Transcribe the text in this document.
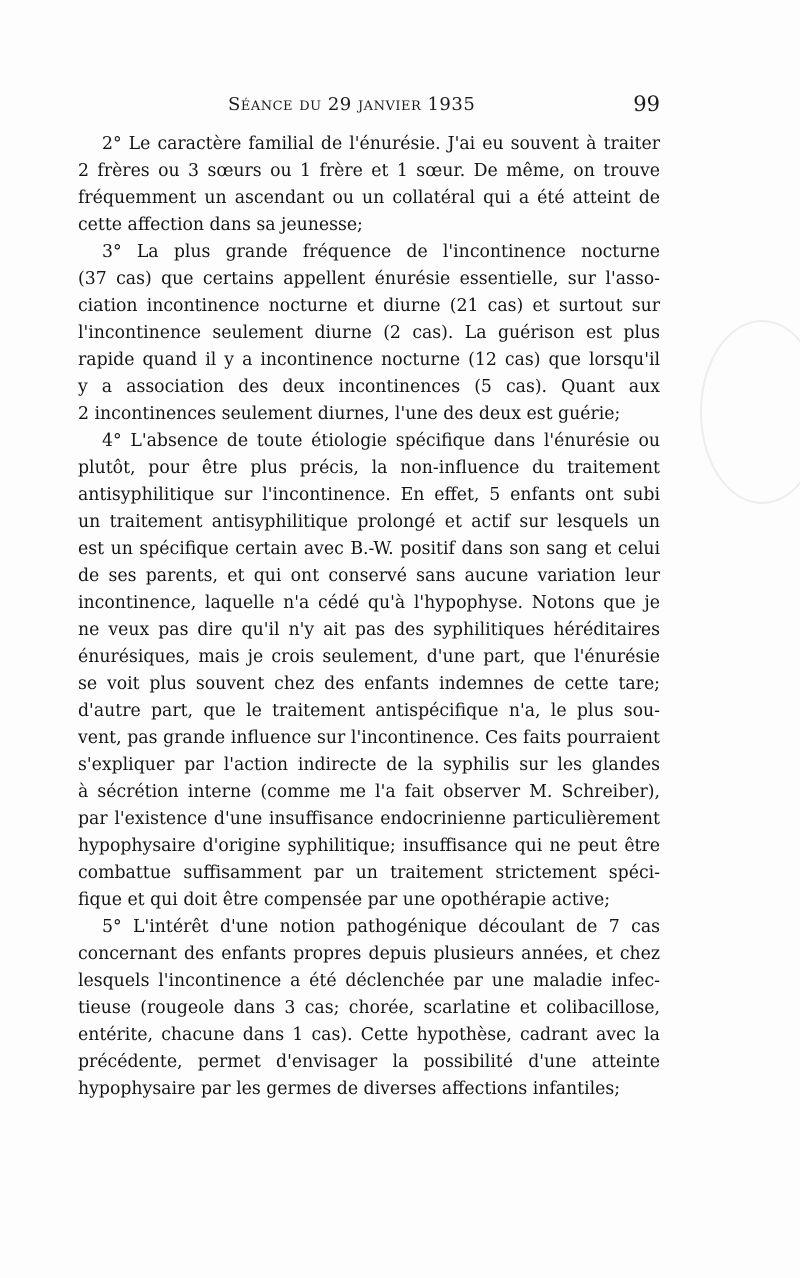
Séance du 29 janvier 1935	99
2° Le caractère familial de l'énurésie. J'ai eu souvent à traiter
2 frères ou 3 sœurs ou 1 frère et 1 sœur. De même, on trouve
fréquemment un ascendant ou un collatéral qui a été atteint de
cette affection dans sa jeunesse;
3° La plus grande fréquence de l'incontinence nocturne
(37 cas) que certains appellent énurésie essentielle, sur l'asso-
ciation incontinence nocturne et diurne (21 cas) et surtout sur
l'incontinence seulement diurne (2 cas). La guérison est plus
rapide quand il y a incontinence nocturne (12 cas) que lorsqu'il
y a association des deux incontinences (5 cas). Quant aux
2 incontinences seulement diurnes, l'une des deux est guérie;
4° L'absence de toute étiologie spécifique dans l'énurésie ou
plutôt, pour être plus précis, la non-influence du traitement
antisyphilitique sur l'incontinence. En effet, 5 enfants ont subi
un traitement antisyphilitique prolongé et actif sur lesquels un
est un spécifique certain avec B.-W. positif dans son sang et celui
de ses parents, et qui ont conservé sans aucune variation leur
incontinence, laquelle n'a cédé qu'à l'hypophyse. Notons que je
ne veux pas dire qu'il n'y ait pas des syphilitiques héréditaires
énurésiques, mais je crois seulement, d'une part, que l'énurésie
se voit plus souvent chez des enfants indemnes de cette tare;
d'autre part, que le traitement antispécifique n'a, le plus sou-
vent, pas grande influence sur l'incontinence. Ces faits pourraient
s'expliquer par l'action indirecte de la syphilis sur les glandes
à sécrétion interne (comme me l'a fait observer M. Schreiber),
par l'existence d'une insuffisance endocrinienne particulièrement
hypophysaire d'origine syphilitique; insuffisance qui ne peut être
combattue suffisamment par un traitement strictement spéci-
fique et qui doit être compensée par une opothérapie active;
5° L'intérêt d'une notion pathogénique découlant de 7 cas
concernant des enfants propres depuis plusieurs années, et chez
lesquels l'incontinence a été déclenchée par une maladie infec-
tieuse (rougeole dans 3 cas; chorée, scarlatine et colibacillose,
entérite, chacune dans 1 cas). Cette hypothèse, cadrant avec la
précédente, permet d'envisager la possibilité d'une atteinte
hypophysaire par les germes de diverses affections infantiles;
